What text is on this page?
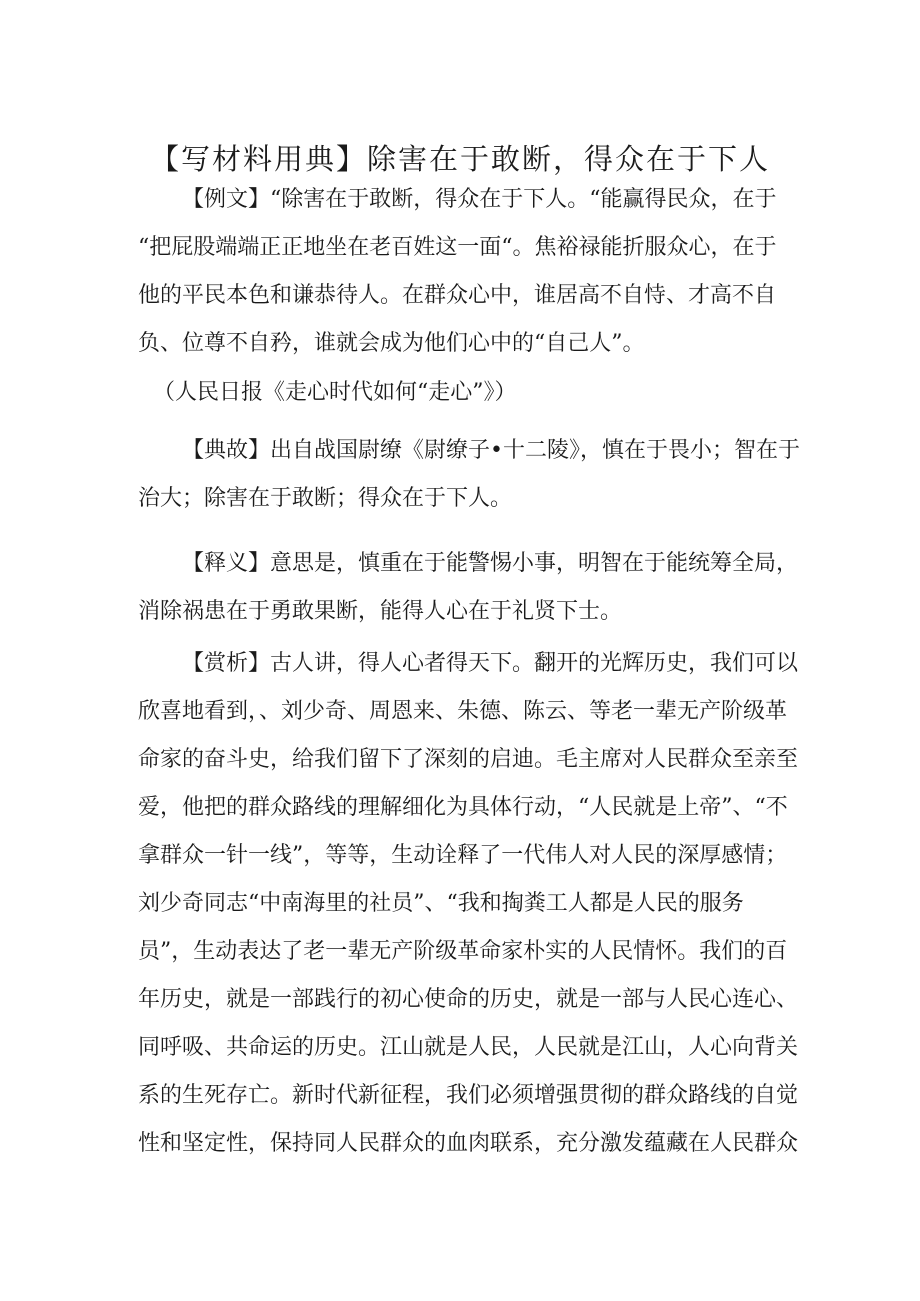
【写材料用典】除害在于敢断，得众在于下人
【例文】“除害在于敢断，得众在于下人。“能赢得民众，在于
“把屁股端端正正地坐在老百姓这一面“。焦裕禄能折服众心，在于
他的平民本色和谦恭待人。在群众心中，谁居高不自恃、才高不自
负、位尊不自矜，谁就会成为他们心中的“自己人”。
（人民日报《走心时代如何“走心”》）
【典故】出自战国尉缭《尉缭子•十二陵》，慎在于畏小；智在于
治大；除害在于敢断；得众在于下人。
【释义】意思是，慎重在于能警惕小事，明智在于能统筹全局，
消除祸患在于勇敢果断，能得人心在于礼贤下士。
【赏析】古人讲，得人心者得天下。翻开的光辉历史，我们可以
欣喜地看到，、刘少奇、周恩来、朱德、陈云、等老一辈无产阶级革
命家的奋斗史，给我们留下了深刻的启迪。毛主席对人民群众至亲至
爱，他把的群众路线的理解细化为具体行动，“人民就是上帝”、“不
拿群众一针一线”，等等，生动诠释了一代伟人对人民的深厚感情；
刘少奇同志“中南海里的社员”、“我和掏粪工人都是人民的服务
员”，生动表达了老一辈无产阶级革命家朴实的人民情怀。我们的百
年历史，就是一部践行的初心使命的历史，就是一部与人民心连心、
同呼吸、共命运的历史。江山就是人民，人民就是江山，人心向背关
系的生死存亡。新时代新征程，我们必须增强贯彻的群众路线的自觉
性和坚定性，保持同人民群众的血肉联系，充分激发蕴藏在人民群众
